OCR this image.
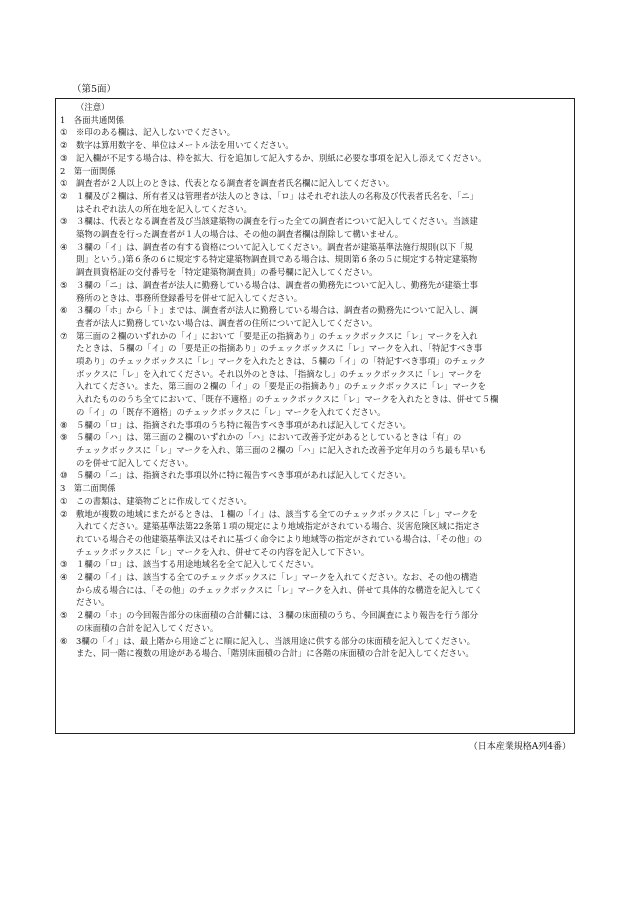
（第5面）
（注意）
1　各面共通関係
①	※印のある欄は、記入しないでください。
②	数字は算用数字を、単位はメートル法を用いてください。
③	記入欄が不足する場合は、枠を拡大、行を追加して記入するか、別紙に必要な事項を記入し添えてください。
2　第一面関係
①	調査者が２人以上のときは、代表となる調査者を調査者氏名欄に記入してください。
②	１欄及び２欄は、所有者又は管理者が法人のときは、「ロ」はそれぞれ法人の名称及び代表者氏名を、「ニ」
はそれぞれ法人の所在地を記入してください。
③	３欄は、代表となる調査者及び当該建築物の調査を行った全ての調査者について記入してください。当該建
築物の調査を行った調査者が１人の場合は、その他の調査者欄は削除して構いません。
④	３欄の「イ」は、調査者の有する資格について記入してください。調査者が建築基準法施行規則(以下「規
則」という。)第６条の６に規定する特定建築物調査員である場合は、規則第６条の５に規定する特定建築物
調査員資格証の交付番号を「特定建築物調査員」の番号欄に記入してください。
⑤	３欄の「ニ」は、調査者が法人に勤務している場合は、調査者の勤務先について記入し、勤務先が建築士事
務所のときは、事務所登録番号を併せて記入してください。
⑥	３欄の「ホ」から「ト」までは、調査者が法人に勤務している場合は、調査者の勤務先について記入し、調
査者が法人に勤務していない場合は、調査者の住所について記入してください。
⑦	第三面の２欄のいずれかの「イ」において「要是正の指摘あり」のチェックボックスに「レ」マークを入れ
たときは、５欄の「イ」の「要是正の指摘あり」のチェックボックスに「レ」マークを入れ、「特記すべき事
項あり」のチェックボックスに「レ」マークを入れたときは、５欄の「イ」の「特記すべき事項」のチェック
ボックスに「レ」を入れてください。それ以外のときは、「指摘なし」のチェックボックスに「レ」マークを
入れてください。また、第三面の２欄の「イ」の「要是正の指摘あり」のチェックボックスに「レ」マークを
入れたもののうち全てにおいて、「既存不適格」のチェックボックスに「レ」マークを入れたときは、併せて５欄
の「イ」の「既存不適格」のチェックボックスに「レ」マークを入れてください。
⑧	５欄の「ロ」は、指摘された事項のうち特に報告すべき事項があれば記入してください。
⑨	５欄の「ハ」は、第三面の２欄のいずれかの「ハ」において改善予定があるとしているときは「有」の
チェックボックスに「レ」マークを入れ、第三面の２欄の「ハ」に記入された改善予定年月のうち最も早いも
のを併せて記入してください。
⑩	５欄の「ニ」は、指摘された事項以外に特に報告すべき事項があれば記入してください。
3　第二面関係
①	この書類は、建築物ごとに作成してください。
②	敷地が複数の地域にまたがるときは、１欄の「イ」は、該当する全てのチェックボックスに「レ」マークを
入れてください。建築基準法第22条第１項の規定により地域指定がされている場合、災害危険区域に指定さ
れている場合その他建築基準法又はそれに基づく命令により地域等の指定がされている場合は、「その他」の
チェックボックスに「レ」マークを入れ、併せてその内容を記入して下さい。
③	１欄の「ロ」は、該当する用途地域名を全て記入してください。
④	２欄の「イ」は、該当する全てのチェックボックスに「レ」マークを入れてください。なお、その他の構造
から成る場合には、「その他」のチェックボックスに「レ」マークを入れ、併せて具体的な構造を記入してく
ださい。
⑤	２欄の「ホ」の今回報告部分の床面積の合計欄には、３欄の床面積のうち、今回調査により報告を行う部分
の床面積の合計を記入してください。
⑥	3欄の「イ」は、最上階から用途ごとに順に記入し、当該用途に供する部分の床面積を記入してください。
また、同一階に複数の用途がある場合、「階別床面積の合計」に各階の床面積の合計を記入してください。
（日本産業規格A列4番）
